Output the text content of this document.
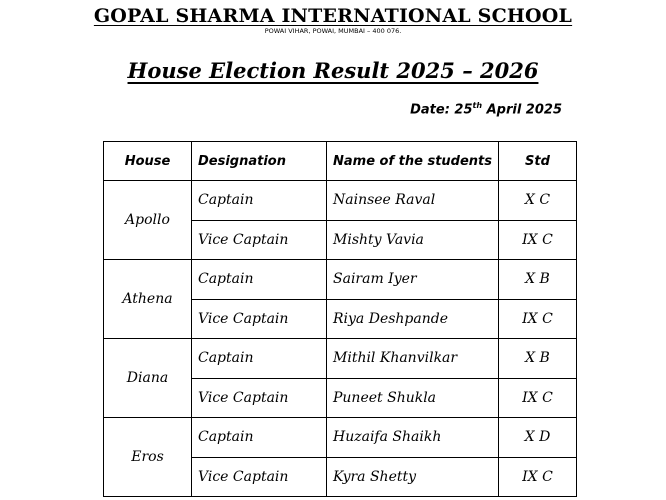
GOPAL SHARMA INTERNATIONAL SCHOOL
POWAI VIHAR, POWAI, MUMBAI – 400 076.
House Election Result 2025 – 2026
Date: 25th April 2025
House	Designation	Name of the students	Std
Apollo	Captain	Nainsee Raval	X C
	Vice Captain	Mishty Vavia	IX C
Athena	Captain	Sairam Iyer	X B
	Vice Captain	Riya Deshpande	IX C
Diana	Captain	Mithil Khanvilkar	X B
	Vice Captain	Puneet Shukla	IX C
Eros	Captain	Huzaifa Shaikh	X D
	Vice Captain	Kyra Shetty	IX C
